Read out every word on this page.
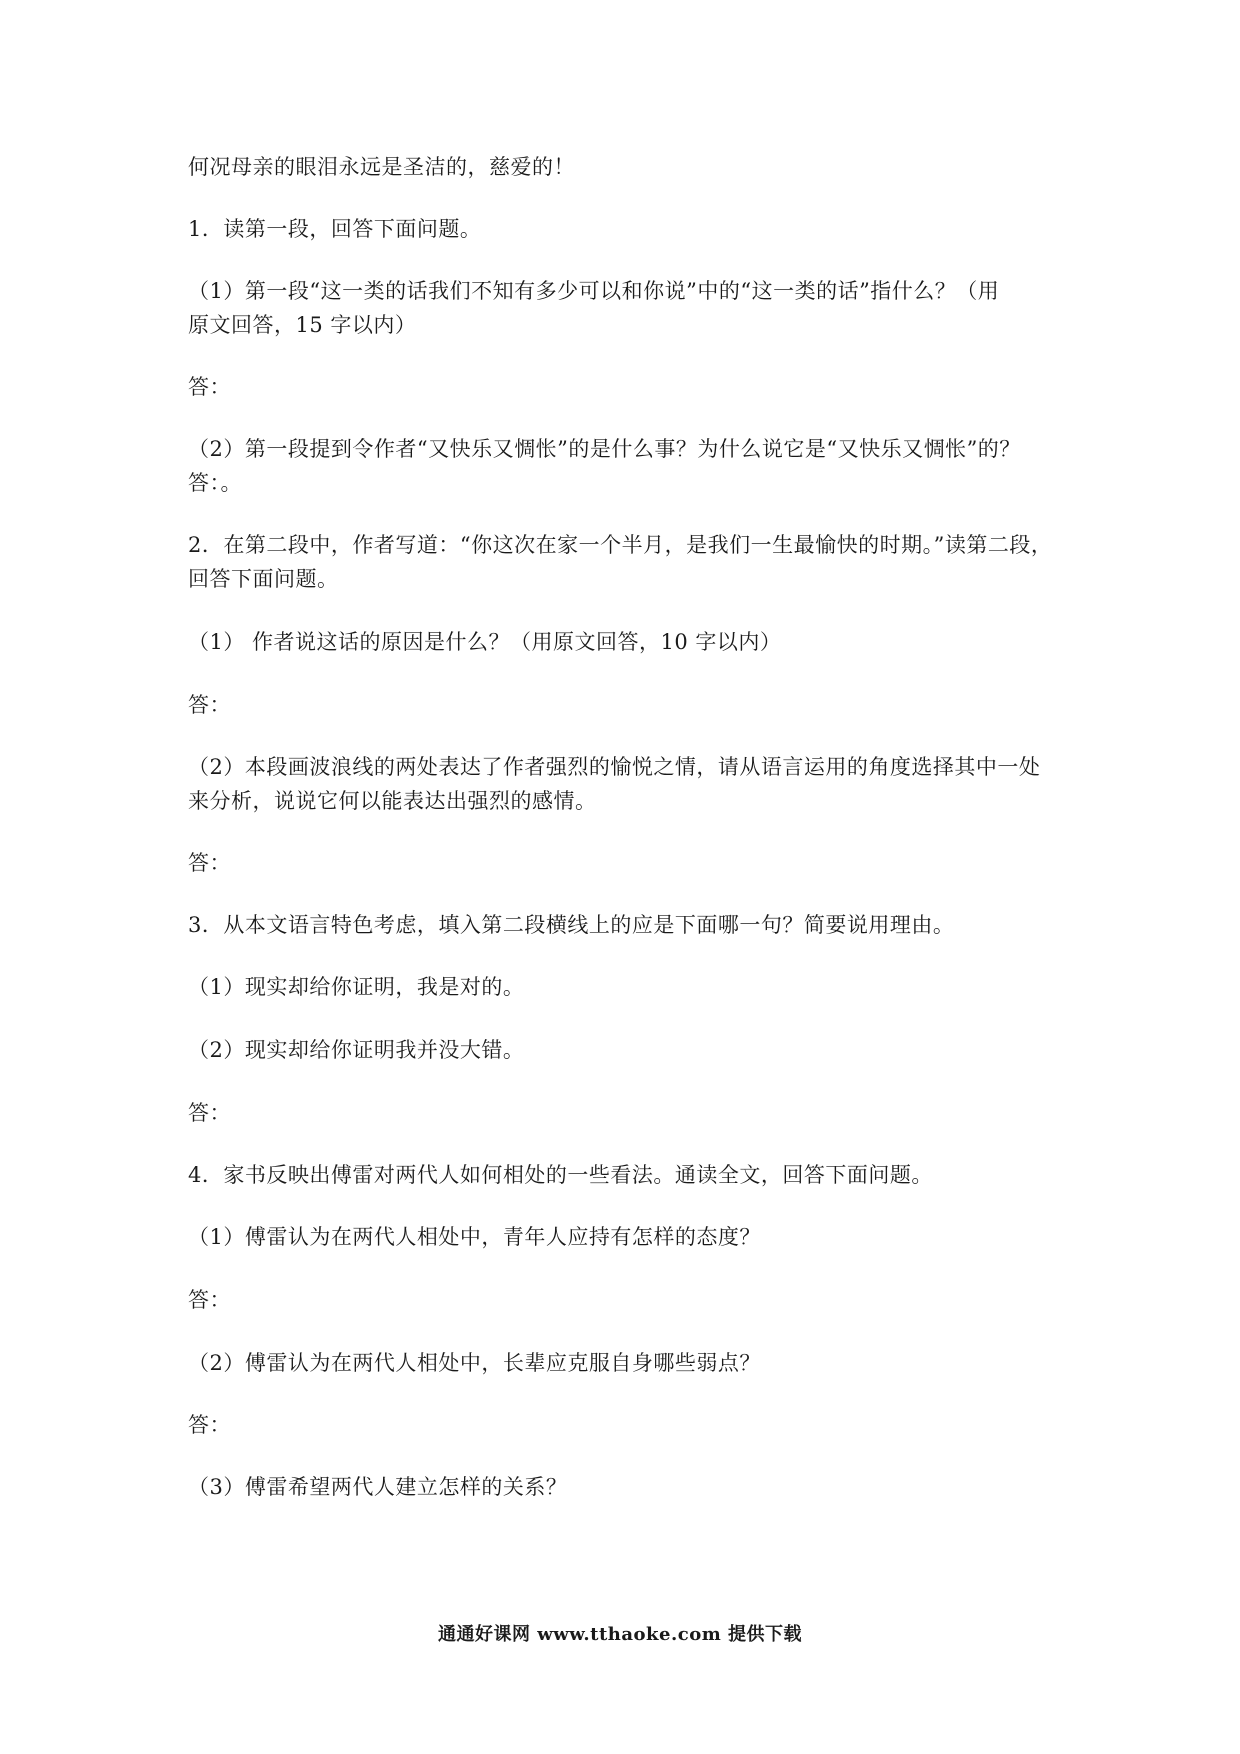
何况母亲的眼泪永远是圣洁的，慈爱的！
1．读第一段，回答下面问题。
（1）第一段“这一类的话我们不知有多少可以和你说”中的“这一类的话”指什么？（用
原文回答，15 字以内）
答：
（2）第一段提到令作者“又快乐又惆怅”的是什么事？为什么说它是“又快乐又惆怅”的？
答：。
2．在第二段中，作者写道：“你这次在家一个半月，是我们一生最愉快的时期。”读第二段，
回答下面问题。
（1） 作者说这话的原因是什么？（用原文回答，10 字以内）
答：
（2）本段画波浪线的两处表达了作者强烈的愉悦之情，请从语言运用的角度选择其中一处
来分析，说说它何以能表达出强烈的感情。
答：
3．从本文语言特色考虑，填入第二段横线上的应是下面哪一句？简要说用理由。
（1）现实却给你证明，我是对的。
（2）现实却给你证明我并没大错。
答：
4．家书反映出傅雷对两代人如何相处的一些看法。通读全文，回答下面问题。
（1）傅雷认为在两代人相处中，青年人应持有怎样的态度？
答：
（2）傅雷认为在两代人相处中，长辈应克服自身哪些弱点？
答：
（3）傅雷希望两代人建立怎样的关系？
通通好课网 www.tthaoke.com 提供下载
